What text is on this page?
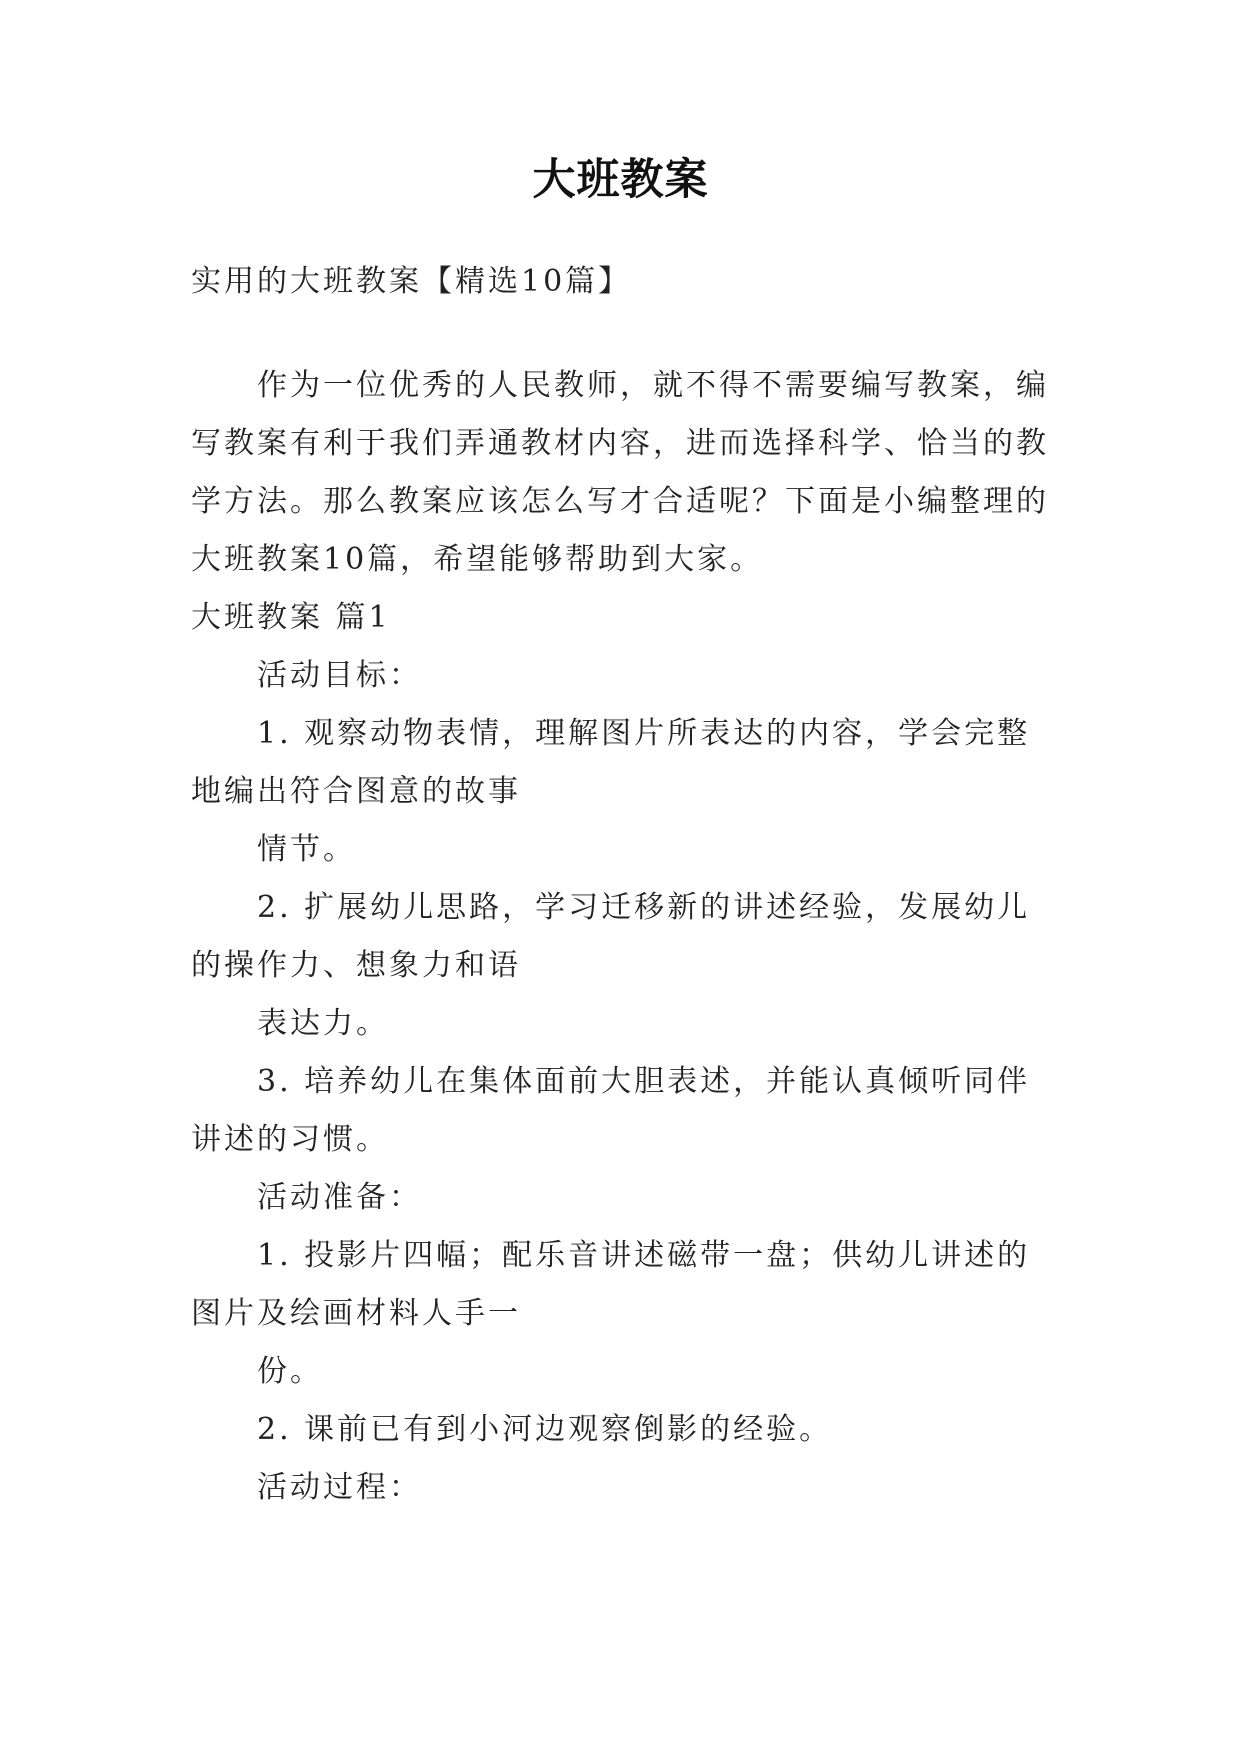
大班教案
实用的大班教案【精选10篇】
作为一位优秀的人民教师，就不得不需要编写教案，编
写教案有利于我们弄通教材内容，进而选择科学、恰当的教
学方法。那么教案应该怎么写才合适呢？下面是小编整理的
大班教案10篇，希望能够帮助到大家。
大班教案 篇1
活动目标：
1. 观察动物表情，理解图片所表达的内容，学会完整
地编出符合图意的故事
情节。
2. 扩展幼儿思路，学习迁移新的讲述经验，发展幼儿
的操作力、想象力和语
表达力。
3. 培养幼儿在集体面前大胆表述，并能认真倾听同伴
讲述的习惯。
活动准备：
1. 投影片四幅；配乐音讲述磁带一盘；供幼儿讲述的
图片及绘画材料人手一
份。
2. 课前已有到小河边观察倒影的经验。
活动过程：
